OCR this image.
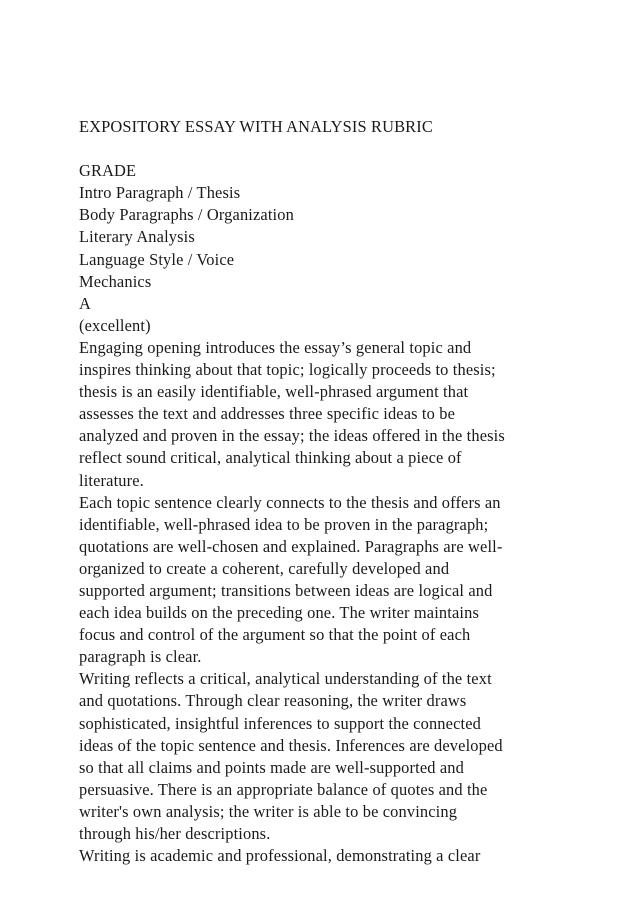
EXPOSITORY ESSAY WITH ANALYSIS RUBRIC
GRADE
Intro Paragraph / Thesis
Body Paragraphs / Organization
Literary Analysis
Language Style / Voice
Mechanics
A
(excellent)
Engaging opening introduces the essay’s general topic and
inspires thinking about that topic; logically proceeds to thesis;
thesis is an easily identifiable, well-phrased argument that
assesses the text and addresses three specific ideas to be
analyzed and proven in the essay; the ideas offered in the thesis
reflect sound critical, analytical thinking about a piece of
literature.
Each topic sentence clearly connects to the thesis and offers an
identifiable, well-phrased idea to be proven in the paragraph;
quotations are well-chosen and explained. Paragraphs are well-
organized to create a coherent, carefully developed and
supported argument; transitions between ideas are logical and
each idea builds on the preceding one. The writer maintains
focus and control of the argument so that the point of each
paragraph is clear.
Writing reflects a critical, analytical understanding of the text
and quotations. Through clear reasoning, the writer draws
sophisticated, insightful inferences to support the connected
ideas of the topic sentence and thesis. Inferences are developed
so that all claims and points made are well-supported and
persuasive. There is an appropriate balance of quotes and the
writer's own analysis; the writer is able to be convincing
through his/her descriptions.
Writing is academic and professional, demonstrating a clear
